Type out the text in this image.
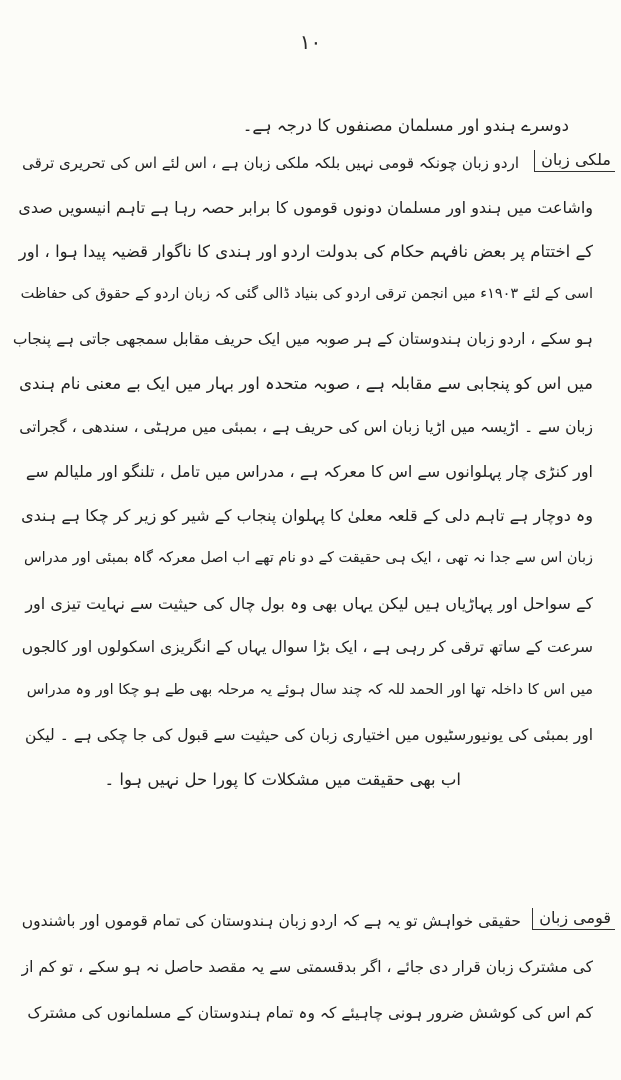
۱۰
دوسرے ہندو اور مسلمان مصنفوں کا درجہ ہے۔
ملکی زبان
اردو زبان چونکہ قومی نہیں بلکہ ملکی زبان ہے ، اس لئے اس کی تحریری ترقی
واشاعت میں ہندو اور مسلمان دونوں قوموں کا برابر حصہ رہا ہے تاہم انیسویں صدی
کے اختتام پر بعض نافہم حکام کی بدولت اردو اور ہندی کا ناگوار قضیہ پیدا ہوا ، اور
اسی کے لئے ۱۹۰۳ء میں انجمن ترقی اردو کی بنیاد ڈالی گئی کہ زبان اردو کے حقوق کی حفاظت
ہو سکے ، اردو زبان ہندوستان کے ہر صوبہ میں ایک حریف مقابل سمجھی جاتی ہے پنجاب
میں اس کو پنجابی سے مقابلہ ہے ، صوبہ متحدہ اور بہار میں ایک بے معنی نام ہندی
زبان سے ۔ اڑیسہ میں اڑیا زبان اس کی حریف ہے ، بمبئی میں مرہٹی ، سندھی ، گجراتی
اور کنڑی چار پہلوانوں سے اس کا معرکہ ہے ، مدراس میں تامل ، تلنگو اور ملیالم سے
وہ دوچار ہے تاہم دلی کے قلعہ معلیٰ کا پہلوان پنجاب کے شیر کو زیر کر چکا ہے ہندی
زبان اس سے جدا نہ تھی ، ایک ہی حقیقت کے دو نام تھے اب اصل معرکہ گاہ بمبئی اور مدراس
کے سواحل اور پہاڑیاں ہیں لیکن یہاں بھی وہ بول چال کی حیثیت سے نہایت تیزی اور
سرعت کے ساتھ ترقی کر رہی ہے ، ایک بڑا سوال یہاں کے انگریزی اسکولوں اور کالجوں
میں اس کا داخلہ تھا اور الحمد للہ کہ چند سال ہوئے یہ مرحلہ بھی طے ہو چکا اور وہ مدراس
اور بمبئی کی یونیورسٹیوں میں اختیاری زبان کی حیثیت سے قبول کی جا چکی ہے ۔ لیکن
اب بھی حقیقت میں مشکلات کا پورا حل نہیں ہوا ۔
قومی زبان
حقیقی خواہش تو یہ ہے کہ اردو زبان ہندوستان کی تمام قوموں اور باشندوں
کی مشترک زبان قرار دی جائے ، اگر بدقسمتی سے یہ مقصد حاصل نہ ہو سکے ، تو کم از
کم اس کی کوشش ضرور ہونی چاہیئے کہ وہ تمام ہندوستان کے مسلمانوں کی مشترک
